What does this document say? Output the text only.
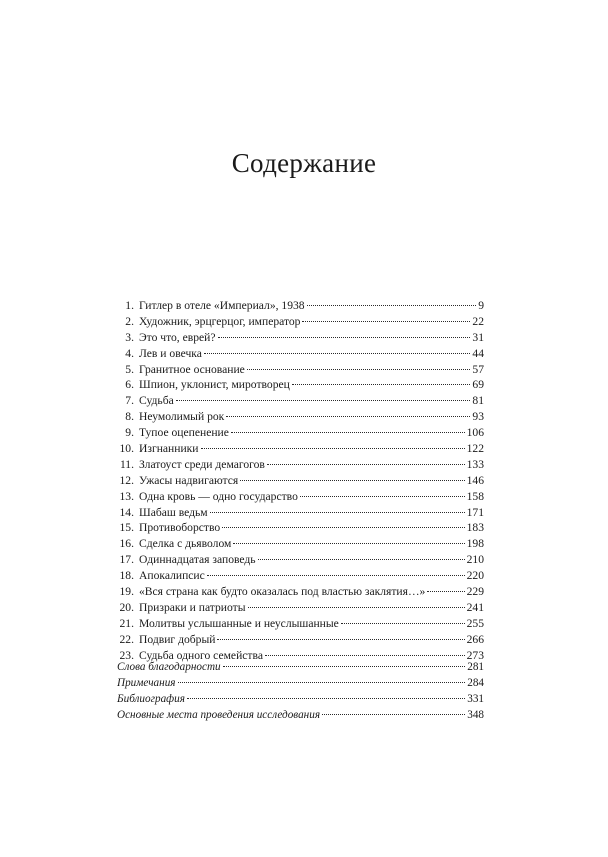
Содержание
1. Гитлер в отеле «Империал», 1938	9
2. Художник, эрцгерцог, император	22
3. Это что, еврей?	31
4. Лев и овечка	44
5. Гранитное основание	57
6. Шпион, уклонист, миротворец	69
7. Судьба	81
8. Неумолимый рок	93
9. Тупое оцепенение	106
10. Изгнанники	122
11. Златоуст среди демагогов	133
12. Ужасы надвигаются	146
13. Одна кровь — одно государство	158
14. Шабаш ведьм	171
15. Противоборство	183
16. Сделка с дьяволом	198
17. Одиннадцатая заповедь	210
18. Апокалипсис	220
19. «Вся страна как будто оказалась под властью заклятия…»	229
20. Призраки и патриоты	241
21. Молитвы услышанные и неуслышанные	255
22. Подвиг добрый	266
23. Судьба одного семейства	273
Слова благодарности	281
Примечания	284
Библиография	331
Основные места проведения исследования	348
